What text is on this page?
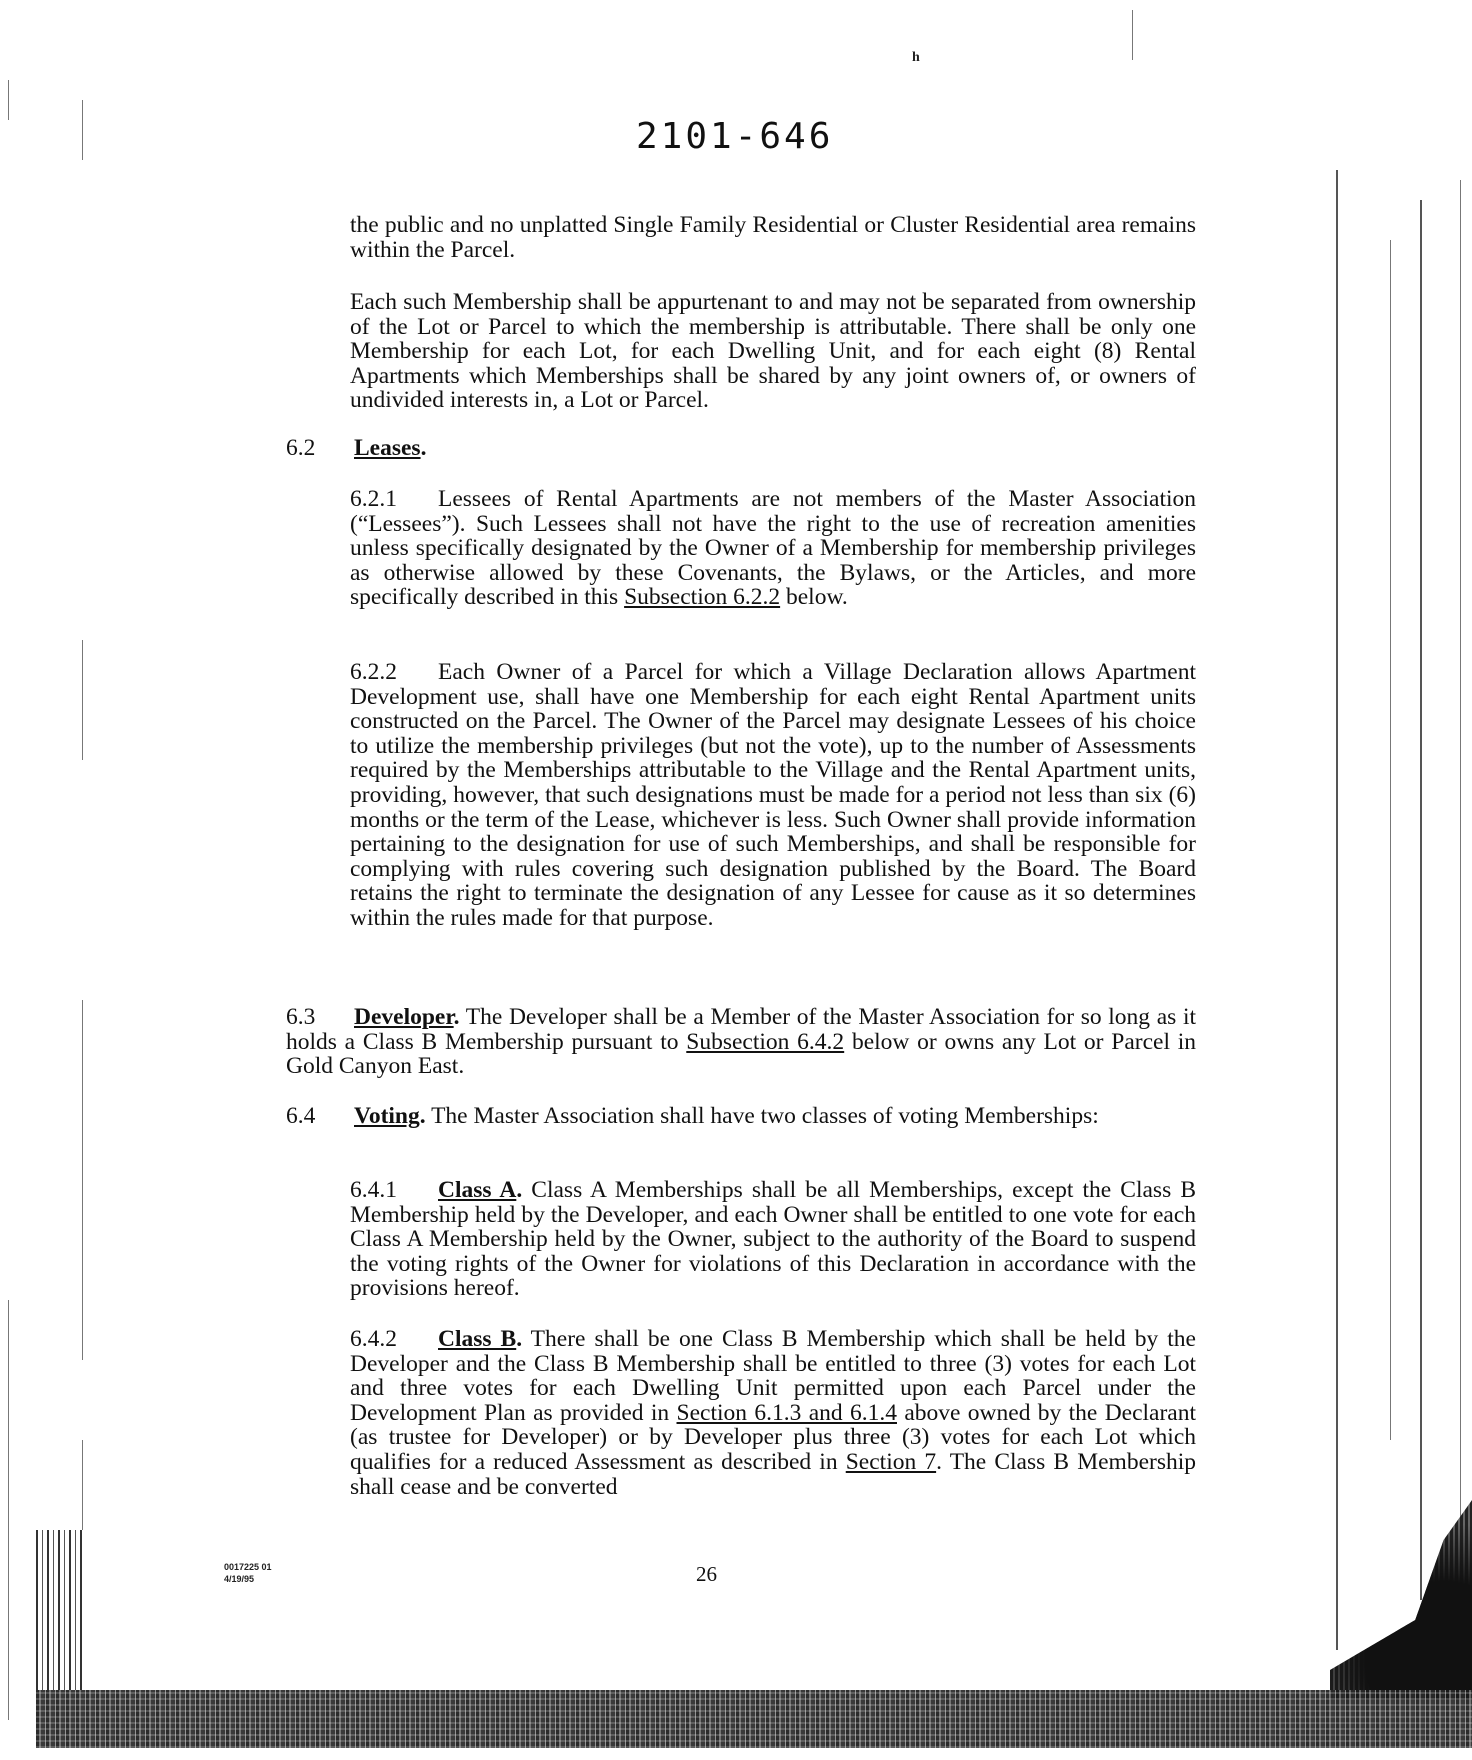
h
2101-646

the public and no unplatted Single Family Residential or Cluster Residential area remains within the Parcel.

Each such Membership shall be appurtenant to and may not be separated from ownership of the Lot or Parcel to which the membership is attributable. There shall be only one Membership for each Lot, for each Dwelling Unit, and for each eight (8) Rental Apartments which Memberships shall be shared by any joint owners of, or owners of undivided interests in, a Lot or Parcel.

6.2 Leases.

6.2.1 Lessees of Rental Apartments are not members of the Master Association (“Lessees”). Such Lessees shall not have the right to the use of recreation amenities unless specifically designated by the Owner of a Membership for membership privileges as otherwise allowed by these Covenants, the Bylaws, or the Articles, and more specifically described in this Subsection 6.2.2 below.

6.2.2 Each Owner of a Parcel for which a Village Declaration allows Apartment Development use, shall have one Membership for each eight Rental Apartment units constructed on the Parcel. The Owner of the Parcel may designate Lessees of his choice to utilize the membership privileges (but not the vote), up to the number of Assessments required by the Memberships attributable to the Village and the Rental Apartment units, providing, however, that such designations must be made for a period not less than six (6) months or the term of the Lease, whichever is less. Such Owner shall provide information pertaining to the designation for use of such Memberships, and shall be responsible for complying with rules covering such designation published by the Board. The Board retains the right to terminate the designation of any Lessee for cause as it so determines within the rules made for that purpose.

6.3 Developer. The Developer shall be a Member of the Master Association for so long as it holds a Class B Membership pursuant to Subsection 6.4.2 below or owns any Lot or Parcel in Gold Canyon East.

6.4 Voting. The Master Association shall have two classes of voting Memberships:

6.4.1 Class A. Class A Memberships shall be all Memberships, except the Class B Membership held by the Developer, and each Owner shall be entitled to one vote for each Class A Membership held by the Owner, subject to the authority of the Board to suspend the voting rights of the Owner for violations of this Declaration in accordance with the provisions hereof.

6.4.2 Class B. There shall be one Class B Membership which shall be held by the Developer and the Class B Membership shall be entitled to three (3) votes for each Lot and three votes for each Dwelling Unit permitted upon each Parcel under the Development Plan as provided in Section 6.1.3 and 6.1.4 above owned by the Declarant (as trustee for Developer) or by Developer plus three (3) votes for each Lot which qualifies for a reduced Assessment as described in Section 7. The Class B Membership shall cease and be converted

0017225 01
4/19/95	26
